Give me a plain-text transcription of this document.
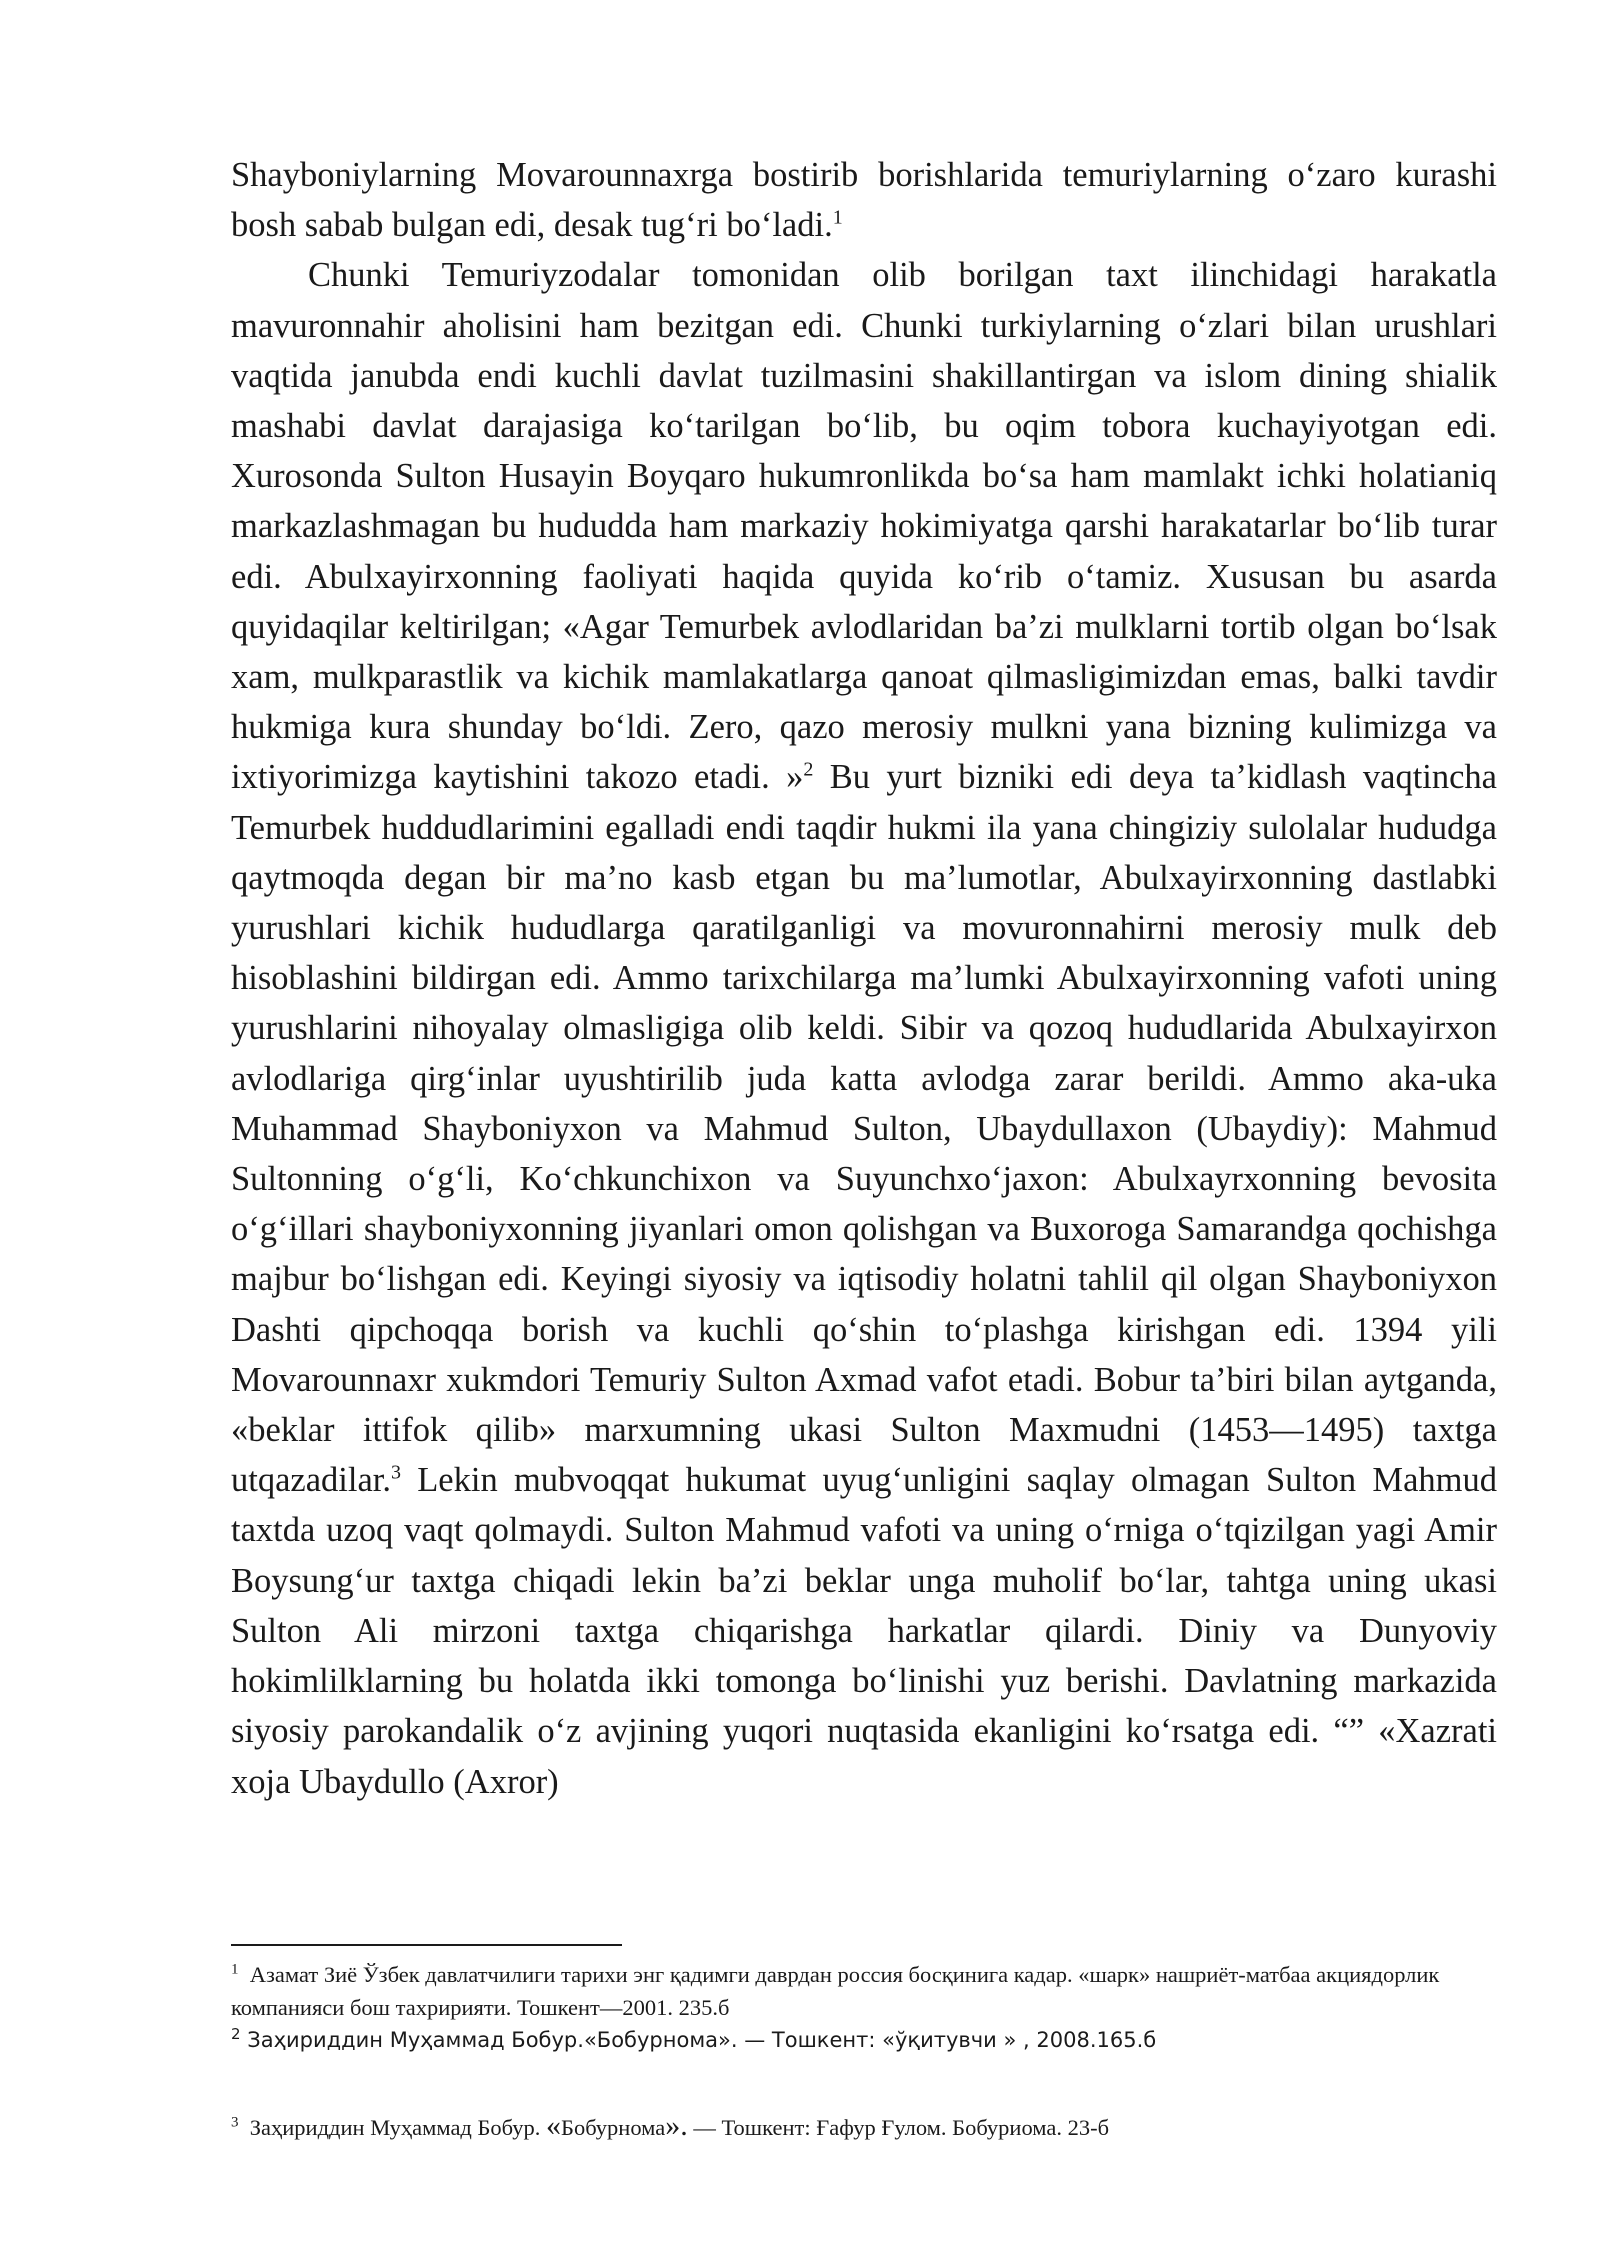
Shayboniylarning Movarounnaxrga bostirib borishlarida temuriylarning o‘zaro kurashi bosh sabab bulgan edi, desak tug‘ri bo‘ladi.$^1$

Chunki Temuriyzodalar tomonidan olib borilgan taxt ilinchidagi harakatla mavuronnahir aholisini ham bezitgan edi. Chunki turkiylarning o‘zlari bilan urushlari vaqtida janubda endi kuchli davlat tuzilmasini shakillantirgan va islom dining shialik mashabi davlat darajasiga ko‘tarilgan bo‘lib, bu oqim tobora kuchayiyotgan edi. Xurosonda Sulton Husayin Boyqaro hukumronlikda bo‘sa ham mamlakt ichki holatianiq markazlashmagan bu hududda ham markaziy hokimiyatga qarshi harakatarlar bo‘lib turar edi. Abulxayirxonning faoliyati haqida quyida ko‘rib o‘tamiz. Xususan bu asarda quyidaqilar keltirilgan; «Agar Temurbek avlodlaridan ba’zi mulklarni tortib olgan bo‘lsak xam, mulkparastlik va kichik mamlakatlarga qanoat qilmasligimizdan emas, balki tavdir hukmiga kura shunday bo‘ldi. Zero, qazo merosiy mulkni yana bizning kulimizga va ixtiyorimizga kaytishini takozo etadi. »$^2$ Bu yurt bizniki edi deya ta’kidlash vaqtincha Temurbek huddudlarimini egalladi endi taqdir hukmi ila yana chingiziy sulolalar hududga qaytmoqda degan bir ma’no kasb etgan bu ma’lumotlar, Abulxayirxonning dastlabki yurushlari kichik hududlarga qaratilganligi va movuronnahirni merosiy mulk deb hisoblashini bildirgan edi. Ammo tarixchilarga ma’lumki Abulxayirxonning vafoti uning yurushlarini nihoyalay olmasligiga olib keldi. Sibir va qozoq hududlarida Abulxayirxon avlodlariga qirg‘inlar uyushtirilib juda katta avlodga zarar berildi. Ammo aka-uka Muhammad Shayboniyxon va Mahmud Sulton, Ubaydullaxon (Ubaydiy): Mahmud Sultonning o‘g‘li, Ko‘chkunchixon va Suyunchxo‘jaxon: Abulxayrxonning bevosita o‘g‘illari shayboniyxonning jiyanlari omon qolishgan va Buxoroga Samarandga qochishga majbur bo‘lishgan edi. Keyingi siyosiy va iqtisodiy holatni tahlil qil olgan Shayboniyxon Dashti qipchoqqa borish va kuchli qo‘shin to‘plashga kirishgan edi. 1394 yili Movarounnaxr xukmdori Temuriy Sulton Axmad vafot etadi. Bobur ta’biri bilan aytganda, «beklar ittifok qilib» marxumning ukasi Sulton Maxmudni (1453—1495) taxtga utqazadilar.$^3$ Lekin mubvoqqat hukumat uyug‘unligini saqlay olmagan Sulton Mahmud taxtda uzoq vaqt qolmaydi. Sulton Mahmud vafoti va uning o‘rniga o‘tqizilgan yagi Amir Boysung‘ur taxtga chiqadi lekin ba’zi beklar unga muholif bo‘lar, tahtga uning ukasi Sulton Ali mirzoni taxtga chiqarishga harkatlar qilardi. Diniy va Dunyoviy hokimlilklarning bu holatda ikki tomonga bo‘linishi yuz berishi. Davlatning markazida siyosiy parokandalik o‘z avjining yuqori nuqtasida ekanligini ko‘rsatga edi. “” «Xazrati xoja Ubaydullo (Axror)

$^1$ Азамат Зиё Ўзбек давлатчилиги тарихи энг қадимги даврдан россия босқинига кадар. «шарк» нашриёт-матбаа акциядорлик компанияси бош тахририяти. Тошкент—2001. 235.б

$^2$ Заҳириддин Муҳаммад Бобур.«Бобурнома». — Тошкент: «ўқитувчи » , 2008.165.б

$^3$ Заҳириддин Муҳаммад Бобур. «Бобурнома». — Тошкент: Ғафур Ғулом. Бобуриома. 23-б
